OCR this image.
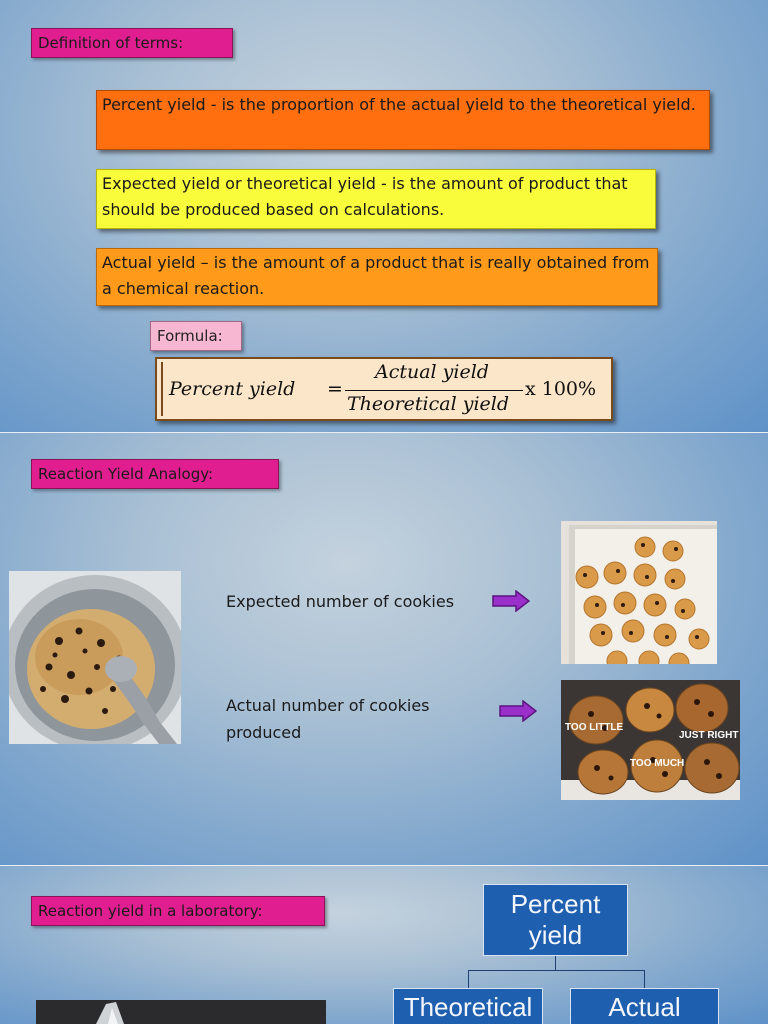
Definition of terms:
Percent yield - is the proportion of the actual yield to the theoretical yield.
Expected yield or theoretical yield - is the amount of product that should be produced based on calculations.
Actual yield – is the amount of a product that is really obtained from a chemical reaction.
Formula:
Percent yield =
Actual yield
Theoretical yield
x 100%
Reaction Yield Analogy:
Expected number of cookies
Actual number of cookies produced	TOO LITTLE
JUST RIGHT
TOO MUCH
Reaction yield in a laboratory:	Percent yield
Theoretical	Actual
